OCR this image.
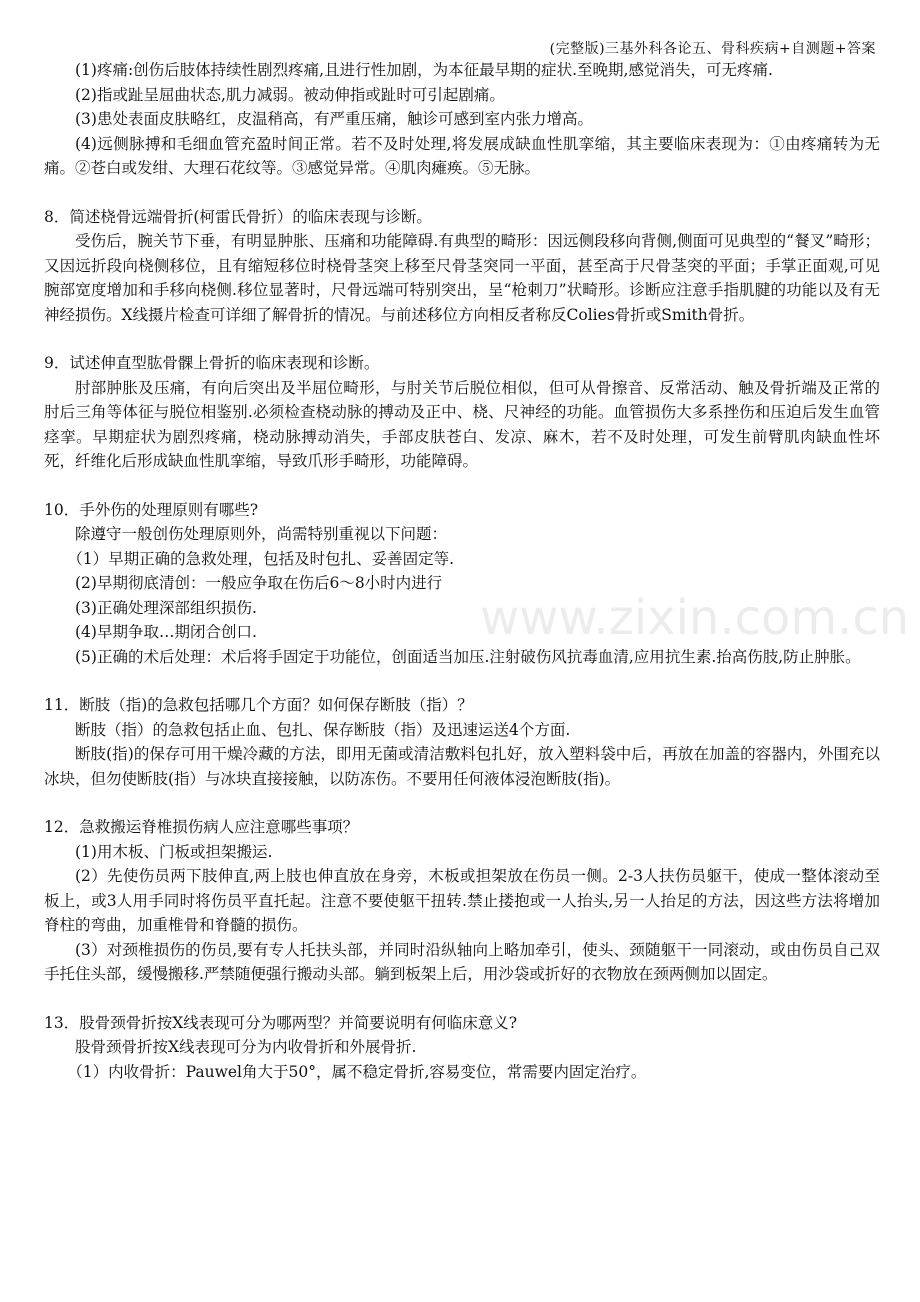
(完整版)三基外科各论五、骨科疾病+自测题+答案
www.zixin.com.cn

(1)疼痛:创伤后肢体持续性剧烈疼痛,且进行性加剧，为本征最早期的症状.至晚期,感觉消失，可无疼痛.

(2)指或趾呈屈曲状态,肌力减弱。被动伸指或趾时可引起剧痛。

(3)患处表面皮肤略红，皮温稍高，有严重压痛，触诊可感到室内张力增高。

(4)远侧脉搏和毛细血管充盈时间正常。若不及时处理,将发展成缺血性肌挛缩，其主要临床表现为：①由疼痛转为无痛。②苍白或发绀、大理石花纹等。③感觉异常。④肌肉瘫痪。⑤无脉。

8．简述桡骨远端骨折(柯雷氏骨折）的临床表现与诊断。

受伤后，腕关节下垂，有明显肿胀、压痛和功能障碍.有典型的畸形：因远侧段移向背侧,侧面可见典型的“餐叉”畸形；又因远折段向桡侧移位，且有缩短移位时桡骨茎突上移至尺骨茎突同一平面，甚至高于尺骨茎突的平面；手掌正面观,可见腕部宽度增加和手移向桡侧.移位显著时，尺骨远端可特别突出，呈“枪刺刀”状畸形。诊断应注意手指肌腱的功能以及有无神经损伤。X线摄片检查可详细了解骨折的情况。与前述移位方向相反者称反Colies骨折或Smith骨折。

9．试述伸直型肱骨髁上骨折的临床表现和诊断。

肘部肿胀及压痛，有向后突出及半屈位畸形，与肘关节后脱位相似，但可从骨擦音、反常活动、触及骨折端及正常的肘后三角等体征与脱位相鉴别.必须检查桡动脉的搏动及正中、桡、尺神经的功能。血管损伤大多系挫伤和压迫后发生血管痉挛。早期症状为剧烈疼痛，桡动脉搏动消失，手部皮肤苍白、发凉、麻木，若不及时处理，可发生前臂肌肉缺血性坏死，纤维化后形成缺血性肌挛缩，导致爪形手畸形，功能障碍。

10．手外伤的处理原则有哪些?

除遵守一般创伤处理原则外，尚需特别重视以下问题：

（1）早期正确的急救处理，包括及时包扎、妥善固定等.

(2)早期彻底清创：一般应争取在伤后6～8小时内进行

(3)正确处理深部组织损伤.

(4)早期争取…期闭合创口.

(5)正确的术后处理：术后将手固定于功能位，创面适当加压.注射破伤风抗毒血清,应用抗生素.抬高伤肢,防止肿胀。

11．断肢（指)的急救包括哪几个方面？如何保存断肢（指）？

断肢（指）的急救包括止血、包扎、保存断肢（指）及迅速运送4个方面.

断肢(指)的保存可用干燥冷藏的方法，即用无菌或清洁敷料包扎好，放入塑料袋中后，再放在加盖的容器内，外围充以冰块，但勿使断肢(指）与冰块直接接触，以防冻伤。不要用任何液体浸泡断肢(指)。

12．急救搬运脊椎损伤病人应注意哪些事项？

(1)用木板、门板或担架搬运.

(2）先使伤员两下肢伸直,两上肢也伸直放在身旁，木板或担架放在伤员一侧。2-3人扶伤员躯干，使成一整体滚动至板上，或3人用手同时将伤员平直托起。注意不要使躯干扭转.禁止搂抱或一人抬头,另一人抬足的方法，因这些方法将增加脊柱的弯曲，加重椎骨和脊髓的损伤。

(3）对颈椎损伤的伤员,要有专人托扶头部，并同时沿纵轴向上略加牵引，使头、颈随躯干一同滚动，或由伤员自己双手托住头部，缓慢搬移.严禁随便强行搬动头部。躺到板架上后，用沙袋或折好的衣物放在颈两侧加以固定。

13．股骨颈骨折按X线表现可分为哪两型？并简要说明有何临床意义?

股骨颈骨折按X线表现可分为内收骨折和外展骨折.

（1）内收骨折：Pauwel角大于50°，属不稳定骨折,容易变位，常需要内固定治疗。
